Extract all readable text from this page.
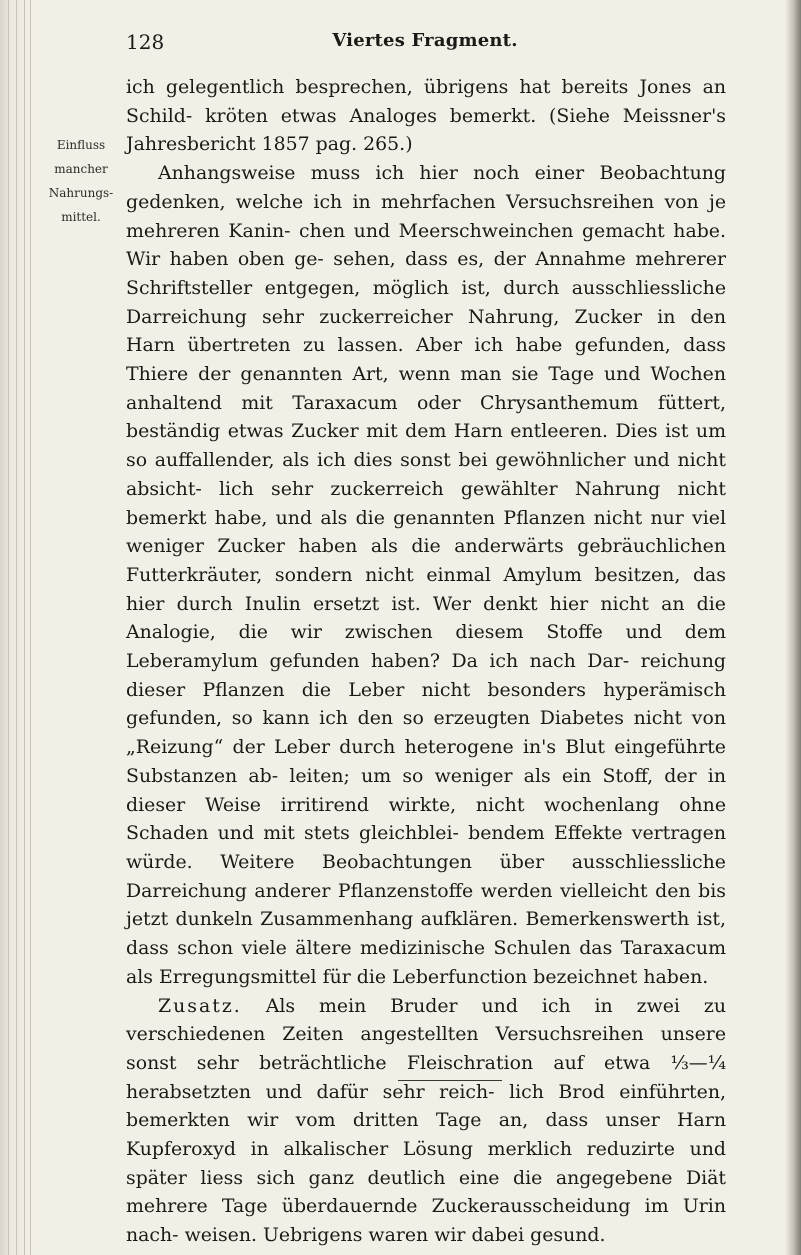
128	Viertes Fragment.
Einfluss mancher Nahrungs- mittel.

ich gelegentlich besprechen, übrigens hat bereits Jones an Schild- kröten etwas Analoges bemerkt. (Siehe Meissner's Jahresbericht 1857 pag. 265.)

Anhangsweise muss ich hier noch einer Beobachtung gedenken, welche ich in mehrfachen Versuchsreihen von je mehreren Kanin- chen und Meerschweinchen gemacht habe. Wir haben oben ge- sehen, dass es, der Annahme mehrerer Schriftsteller entgegen, möglich ist, durch ausschliessliche Darreichung sehr zuckerreicher Nahrung, Zucker in den Harn übertreten zu lassen. Aber ich habe gefunden, dass Thiere der genannten Art, wenn man sie Tage und Wochen anhaltend mit Taraxacum oder Chrysanthemum füttert, beständig etwas Zucker mit dem Harn entleeren. Dies ist um so auffallender, als ich dies sonst bei gewöhnlicher und nicht absicht- lich sehr zuckerreich gewählter Nahrung nicht bemerkt habe, und als die genannten Pflanzen nicht nur viel weniger Zucker haben als die anderwärts gebräuchlichen Futterkräuter, sondern nicht einmal Amylum besitzen, das hier durch Inulin ersetzt ist. Wer denkt hier nicht an die Analogie, die wir zwischen diesem Stoffe und dem Leberamylum gefunden haben? Da ich nach Dar- reichung dieser Pflanzen die Leber nicht besonders hyperämisch gefunden, so kann ich den so erzeugten Diabetes nicht von „Reizung“ der Leber durch heterogene in's Blut eingeführte Substanzen ab- leiten; um so weniger als ein Stoff, der in dieser Weise irritirend wirkte, nicht wochenlang ohne Schaden und mit stets gleichblei- bendem Effekte vertragen würde. Weitere Beobachtungen über ausschliessliche Darreichung anderer Pflanzenstoffe werden vielleicht den bis jetzt dunkeln Zusammenhang aufklären. Bemerkenswerth ist, dass schon viele ältere medizinische Schulen das Taraxacum als Erregungsmittel für die Leberfunction bezeichnet haben.

Zusatz. Als mein Bruder und ich in zwei zu verschiedenen Zeiten angestellten Versuchsreihen unsere sonst sehr beträchtliche Fleischration auf etwa ⅓—¼ herabsetzten und dafür sehr reich- lich Brod einführten, bemerkten wir vom dritten Tage an, dass unser Harn Kupferoxyd in alkalischer Lösung merklich reduzirte und später liess sich ganz deutlich eine die angegebene Diät mehrere Tage überdauernde Zuckerausscheidung im Urin nach- weisen. Uebrigens waren wir dabei gesund.
